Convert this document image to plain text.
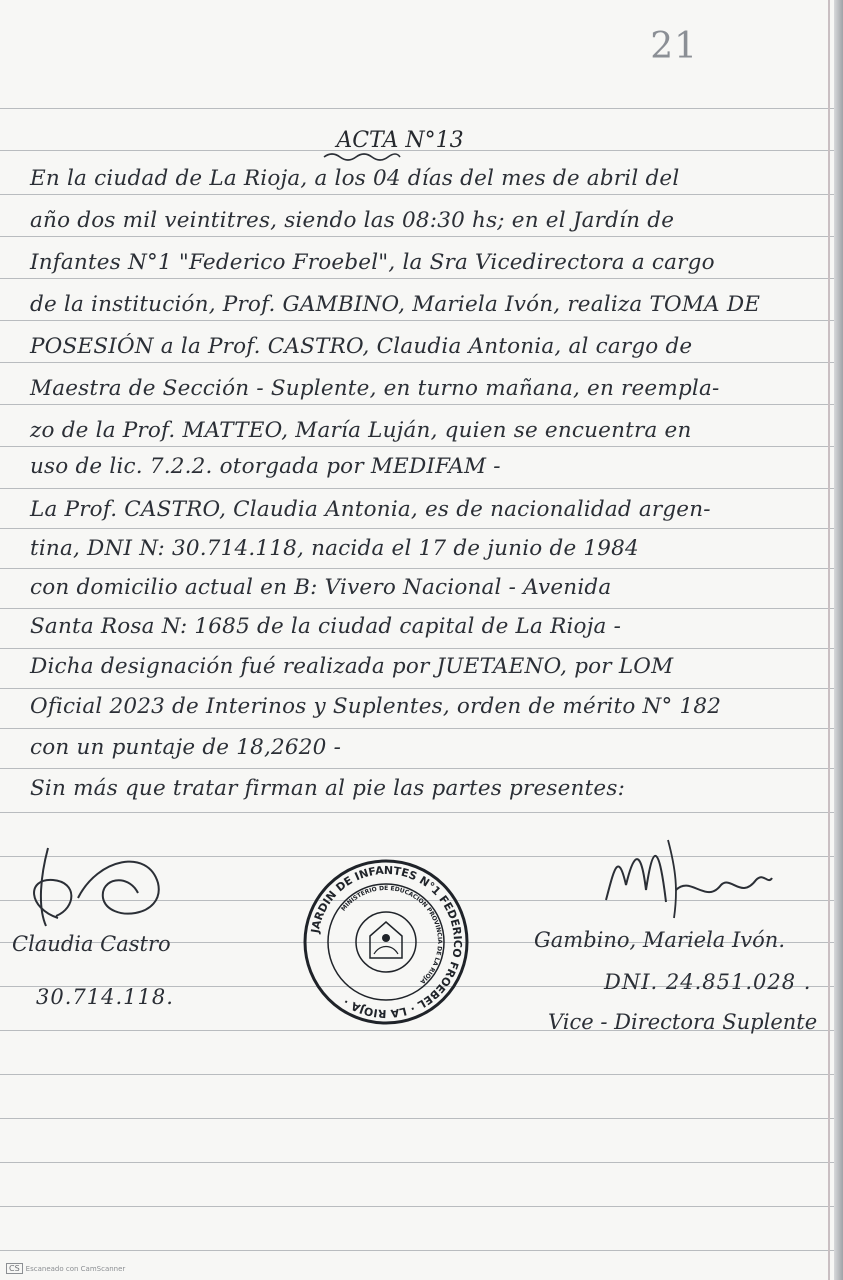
21
ACTA N°13
En la ciudad de La Rioja, a los 04 días del mes de abril del
año dos mil veintitres, siendo las 08:30 hs; en el Jardín de
Infantes N°1 "Federico Froebel", la Sra Vicedirectora a cargo
de la institución, Prof. GAMBINO, Mariela Ivón, realiza TOMA DE
POSESIÓN a la Prof. CASTRO, Claudia Antonia, al cargo de
Maestra de Sección - Suplente, en turno mañana, en reempla-
zo de la Prof. MATTEO, María Luján, quien se encuentra en
uso de lic. 7.2.2. otorgada por MEDIFAM -
La Prof. CASTRO, Claudia Antonia, es de nacionalidad argen-
tina, DNI N: 30.714.118, nacida el 17 de junio de 1984
con domicilio actual en B: Vivero Nacional - Avenida
Santa Rosa N: 1685 de la ciudad capital de La Rioja -
Dicha designación fué realizada por JUETAENO, por LOM
Oficial 2023 de Interinos y Suplentes, orden de mérito N° 182
con un puntaje de 18,2620 -
Sin más que tratar firman al pie las partes presentes:
Claudia Castro
30.714.118.
JARDIN DE INFANTES N°1 FEDERICO FROEBEL · LA RIOJA ·
MINISTERIO DE EDUCACION PROVINCIA DE LA RIOJA
Gambino, Mariela Ivón.
DNI. 24.851.028 .
Vice - Directora Suplente
CS Escaneado con CamScanner
